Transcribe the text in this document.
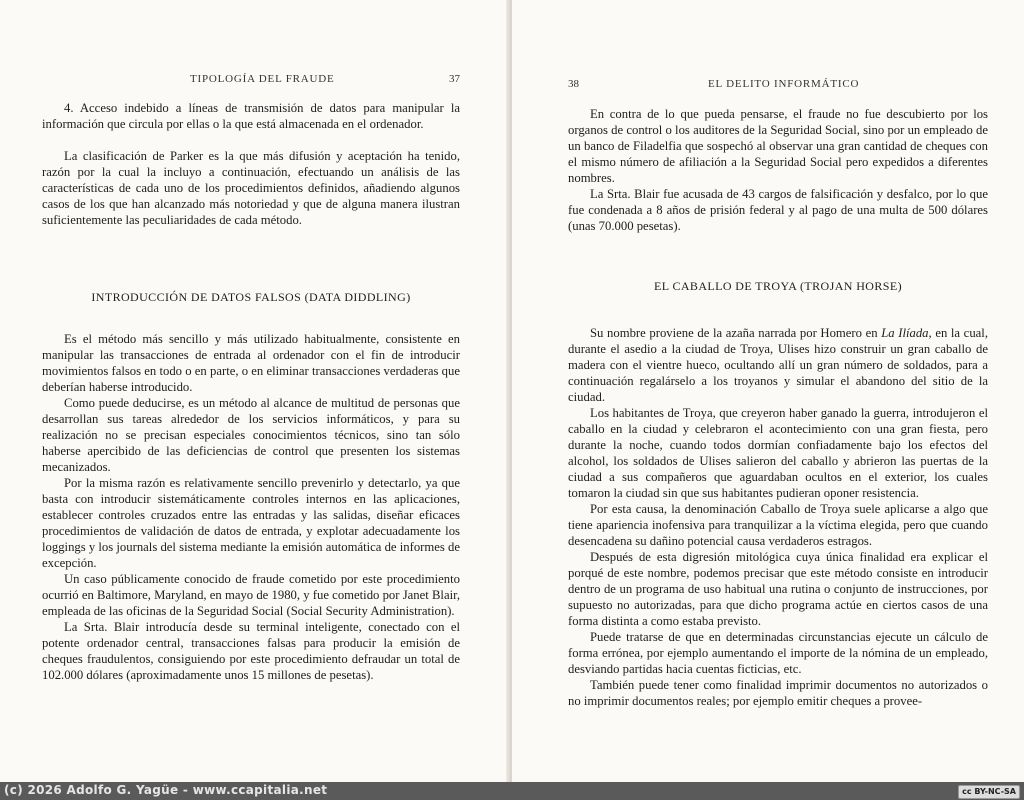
TIPOLOGÍA DEL FRAUDE	37

4. Acceso indebido a líneas de transmisión de datos para manipular la información que circula por ellas o la que está almacenada en el ordenador.

La clasificación de Parker es la que más difusión y aceptación ha tenido, razón por la cual la incluyo a continuación, efectuando un análisis de las características de cada uno de los procedimientos definidos, añadiendo algunos casos de los que han alcanzado más notoriedad y que de alguna manera ilustran suficientemente las peculiaridades de cada método.

INTRODUCCIÓN DE DATOS FALSOS (DATA DIDDLING)

Es el método más sencillo y más utilizado habitualmente, consistente en manipular las transacciones de entrada al ordenador con el fin de introducir movimientos falsos en todo o en parte, o en eliminar transacciones verdaderas que deberían haberse introducido.

Como puede deducirse, es un método al alcance de multitud de personas que desarrollan sus tareas alrededor de los servicios informáticos, y para su realización no se precisan especiales conocimientos técnicos, sino tan sólo haberse apercibido de las deficiencias de control que presenten los sistemas mecanizados.

Por la misma razón es relativamente sencillo prevenirlo y detectarlo, ya que basta con introducir sistemáticamente controles internos en las aplicaciones, establecer controles cruzados entre las entradas y las salidas, diseñar eficaces procedimientos de validación de datos de entrada, y explotar adecuadamente los loggings y los journals del sistema mediante la emisión automática de informes de excepción.

Un caso públicamente conocido de fraude cometido por este procedimiento ocurrió en Baltimore, Maryland, en mayo de 1980, y fue cometido por Janet Blair, empleada de las oficinas de la Seguridad Social (Social Security Administration).

La Srta. Blair introducía desde su terminal inteligente, conectado con el potente ordenador central, transacciones falsas para producir la emisión de cheques fraudulentos, consiguiendo por este procedimiento defraudar un total de 102.000 dólares (aproximadamente unos 15 millones de pesetas).

38	EL DELITO INFORMÁTICO

En contra de lo que pueda pensarse, el fraude no fue descubierto por los organos de control o los auditores de la Seguridad Social, sino por un empleado de un banco de Filadelfia que sospechó al observar una gran cantidad de cheques con el mismo número de afiliación a la Seguridad Social pero expedidos a diferentes nombres.

La Srta. Blair fue acusada de 43 cargos de falsificación y desfalco, por lo que fue condenada a 8 años de prisión federal y al pago de una multa de 500 dólares (unas 70.000 pesetas).

EL CABALLO DE TROYA (TROJAN HORSE)

Su nombre proviene de la azaña narrada por Homero en La Ilíada, en la cual, durante el asedio a la ciudad de Troya, Ulises hizo construir un gran caballo de madera con el vientre hueco, ocultando allí un gran número de soldados, para a continuación regalárselo a los troyanos y simular el abandono del sitio de la ciudad.

Los habitantes de Troya, que creyeron haber ganado la guerra, introdujeron el caballo en la ciudad y celebraron el acontecimiento con una gran fiesta, pero durante la noche, cuando todos dormían confiadamente bajo los efectos del alcohol, los soldados de Ulises salieron del caballo y abrieron las puertas de la ciudad a sus compañeros que aguardaban ocultos en el exterior, los cuales tomaron la ciudad sin que sus habitantes pudieran oponer resistencia.

Por esta causa, la denominación Caballo de Troya suele aplicarse a algo que tiene apariencia inofensiva para tranquilizar a la víctima elegida, pero que cuando desencadena su dañino potencial causa verdaderos estragos.

Después de esta digresión mitológica cuya única finalidad era explicar el porqué de este nombre, podemos precisar que este método consiste en introducir dentro de un programa de uso habitual una rutina o conjunto de instrucciones, por supuesto no autorizadas, para que dicho programa actúe en ciertos casos de una forma distinta a como estaba previsto.

Puede tratarse de que en determinadas circunstancias ejecute un cálculo de forma errónea, por ejemplo aumentando el importe de la nómina de un empleado, desviando partidas hacia cuentas ficticias, etc.

También puede tener como finalidad imprimir documentos no autorizados o no imprimir documentos reales; por ejemplo emitir cheques a provee-

(c) 2026 Adolfo G. Yagüe - www.ccapitalia.net	cc BY-NC-SA
